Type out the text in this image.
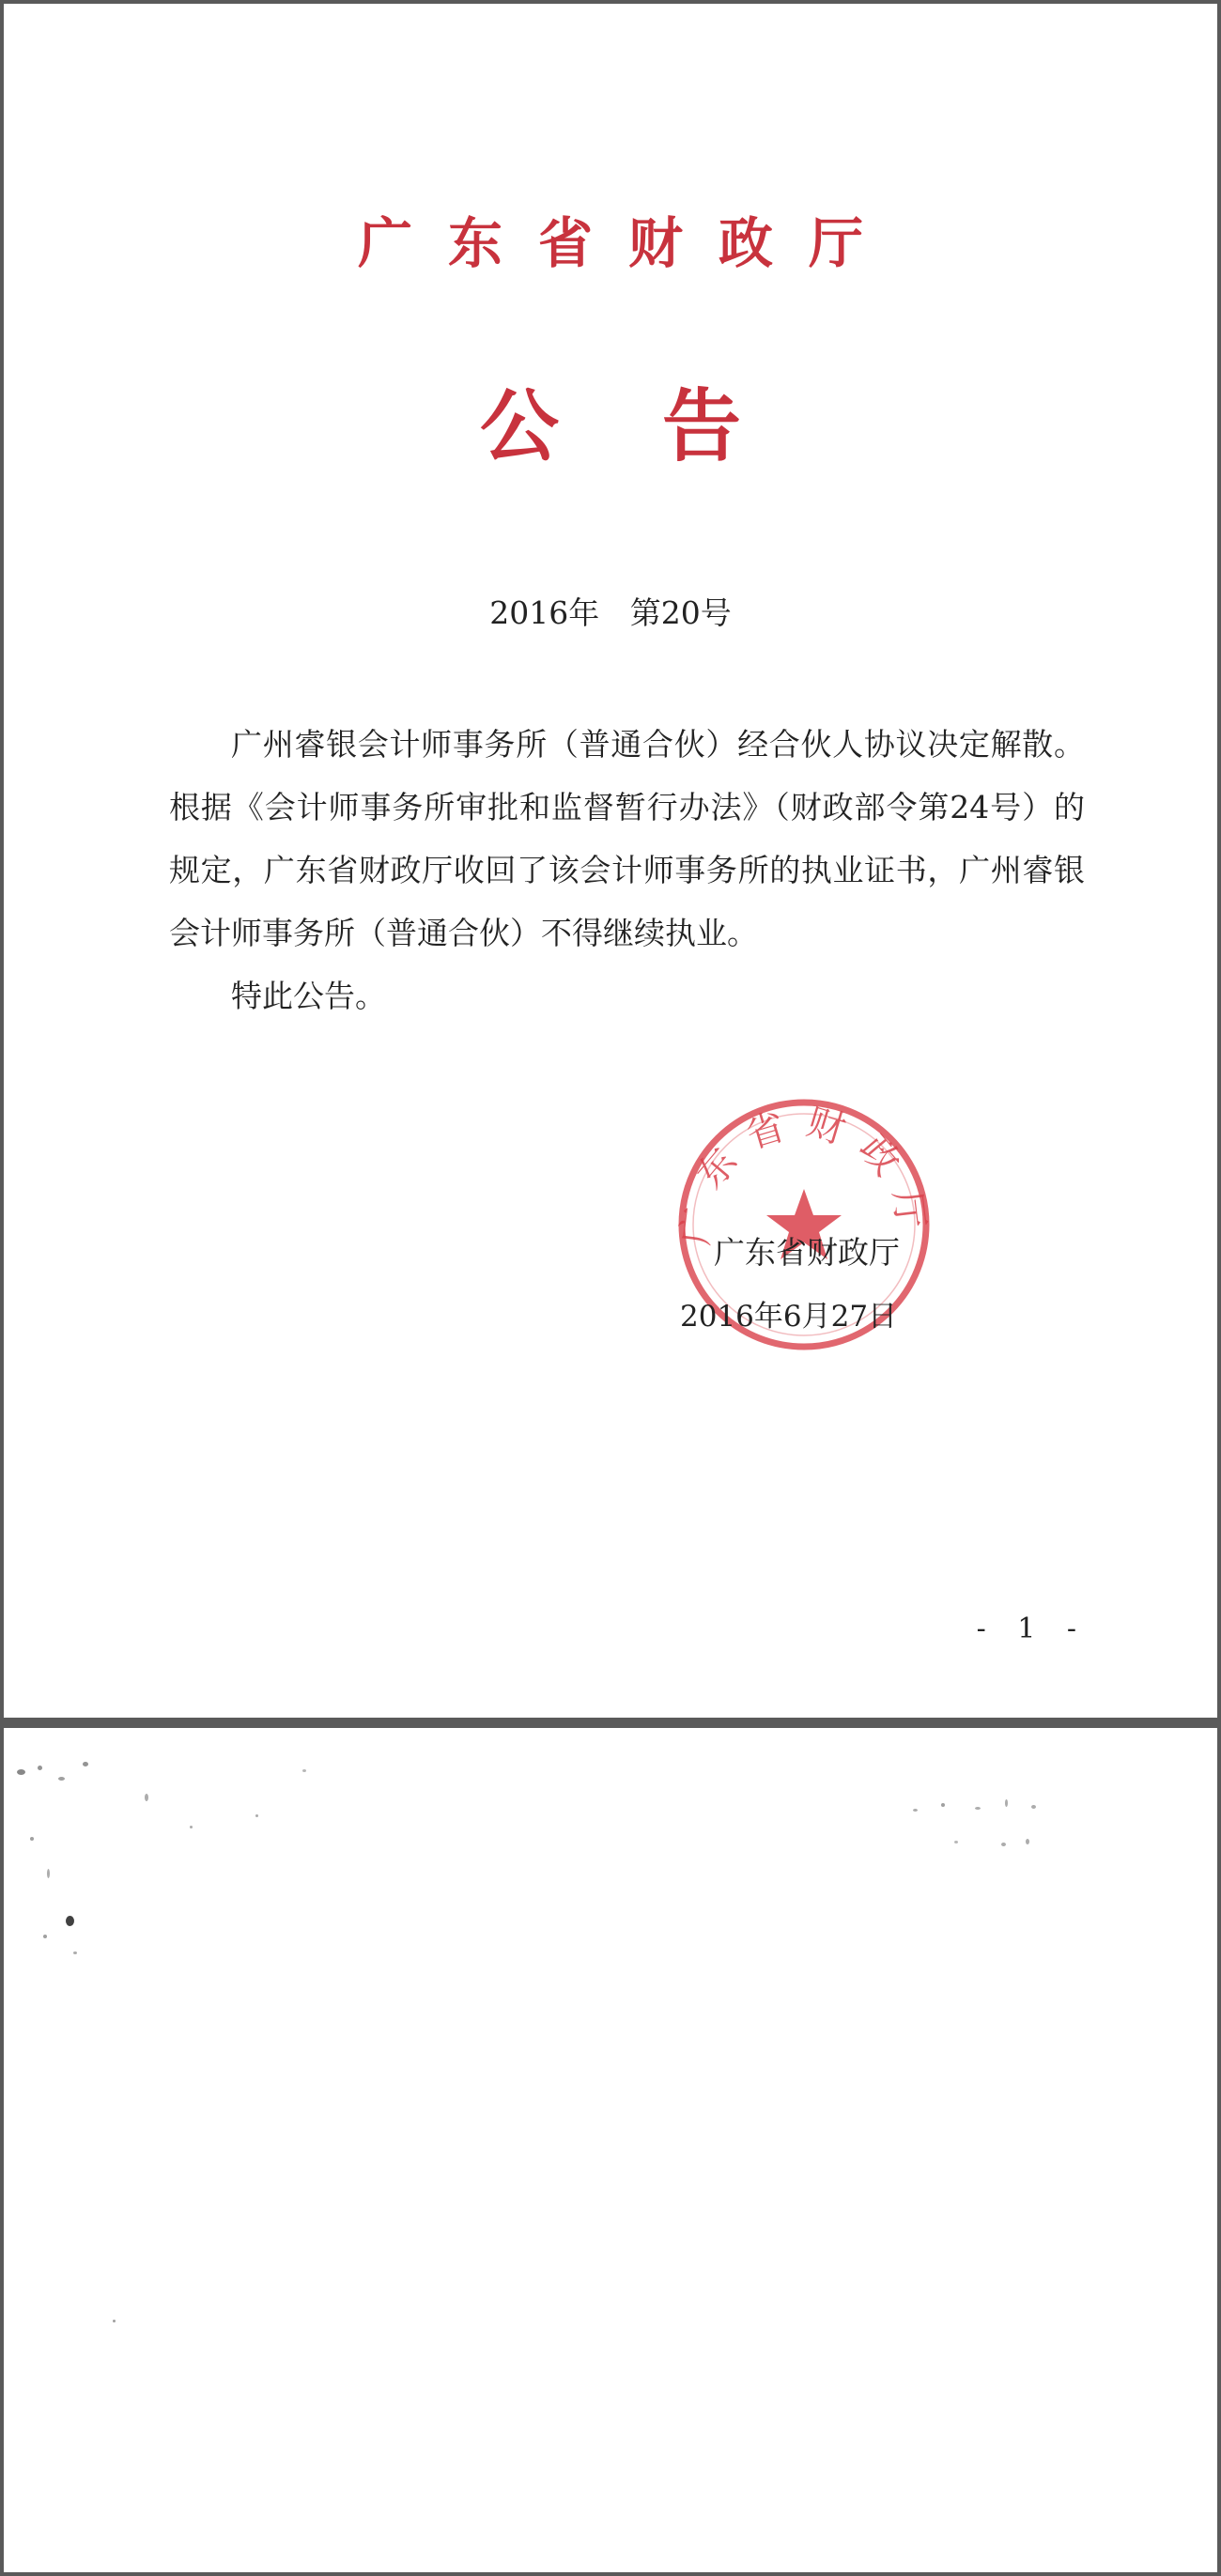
广东省财政厅
公告
2016年 第20号

广州睿银会计师事务所（普通合伙）经合伙人协议决定解散。根据《会计师事务所审批和监督暂行办法》（财政部令第24号）的规定，广东省财政厅收回了该会计师事务所的执业证书，广州睿银会计师事务所（普通合伙）不得继续执业。

特此公告。

广东省财政厅
广东省财政厅
2016年6月27日
- 1 -
